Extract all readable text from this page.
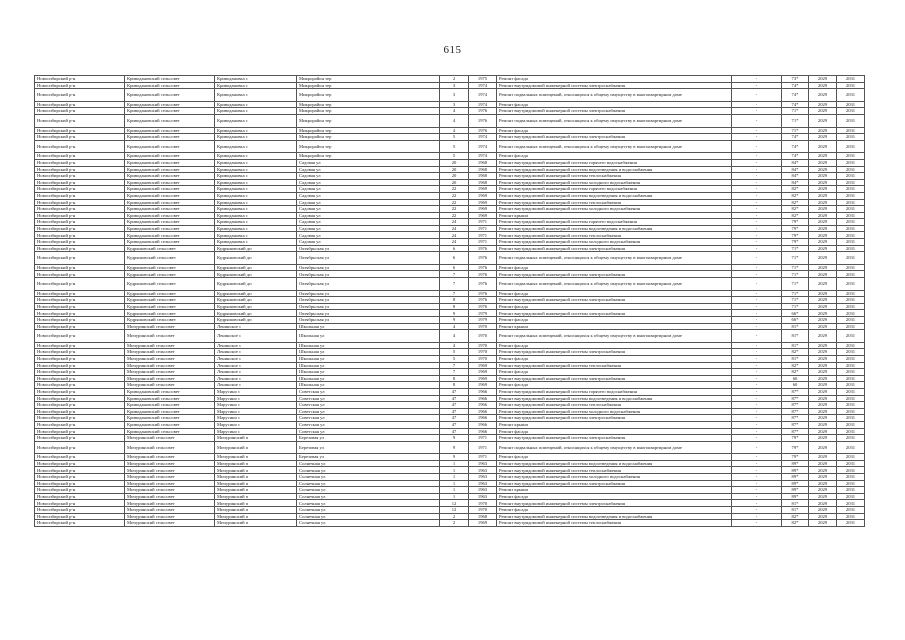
615
Новосибирский р-н	Криводановский сельсовет	Криводановка с	Микрорайон тер	2	1975	Ремонт фасада	-	73*	2029	2031
Новосибирский р-н	Криводановский сельсовет	Криводановка с	Микрорайон тер	3	1974	Ремонт внутридомовой инженерной системы электроснабжения	-	74*	2029	2031
Новосибирский р-н	Криводановский сельсовет	Криводановка с	Микрорайон тер	3	1974	Ремонт подвальных помещений, относящихся к общему имуществу в многоквартирном доме	-	74*	2029	2031
Новосибирский р-н	Криводановский сельсовет	Криводановка с	Микрорайон тер	3	1974	Ремонт фасада	-	74*	2029	2031
Новосибирский р-н	Криводановский сельсовет	Криводановка с	Микрорайон тер	4	1976	Ремонт внутридомовой инженерной системы электроснабжения	-	71*	2029	2031
Новосибирский р-н	Криводановский сельсовет	Криводановка с	Микрорайон тер	4	1976	Ремонт подвальных помещений, относящихся к общему имуществу в многоквартирном доме	-	71*	2029	2031
Новосибирский р-н	Криводановский сельсовет	Криводановка с	Микрорайон тер	4	1976	Ремонт фасада	-	71*	2029	2031
Новосибирский р-н	Криводановский сельсовет	Криводановка с	Микрорайон тер	5	1974	Ремонт внутридомовой инженерной системы электроснабжения	-	74*	2029	2031
Новосибирский р-н	Криводановский сельсовет	Криводановка с	Микрорайон тер	5	1974	Ремонт подвальных помещений, относящихся к общему имуществу в многоквартирном доме	-	74*	2029	2031
Новосибирский р-н	Криводановский сельсовет	Криводановка с	Микрорайон тер	5	1974	Ремонт фасада	-	74*	2029	2031
Новосибирский р-н	Криводановский сельсовет	Криводановка с	Садовая ул	20	1968	Ремонт внутридомовой инженерной системы горячего водоснабжения	-	84*	2029	2031
Новосибирский р-н	Криводановский сельсовет	Криводановка с	Садовая ул	20	1968	Ремонт внутридомовой инженерной системы водоотведения и водоснабжения	-	84*	2029	2031
Новосибирский р-н	Криводановский сельсовет	Криводановка с	Садовая ул	20	1968	Ремонт внутридомовой инженерной системы теплоснабжения	-	84*	2029	2031
Новосибирский р-н	Криводановский сельсовет	Криводановка с	Садовая ул	20	1968	Ремонт внутридомовой инженерной системы холодного водоснабжения	-	84*	2029	2031
Новосибирский р-н	Криводановский сельсовет	Криводановка с	Садовая ул	22	1969	Ремонт внутридомовой инженерной системы горячего водоснабжения	-	82*	2029	2031
Новосибирский р-н	Криводановский сельсовет	Криводановка с	Садовая ул	22	1969	Ремонт внутридомовой инженерной системы водоотведения и водоснабжения	-	82*	2029	2031
Новосибирский р-н	Криводановский сельсовет	Криводановка с	Садовая ул	22	1969	Ремонт внутридомовой инженерной системы теплоснабжения	-	82*	2029	2031
Новосибирский р-н	Криводановский сельсовет	Криводановка с	Садовая ул	22	1969	Ремонт внутридомовой инженерной системы холодного водоснабжения	-	82*	2029	2031
Новосибирский р-н	Криводановский сельсовет	Криводановка с	Садовая ул	22	1969	Ремонт крыши	-	82*	2029	2031
Новосибирский р-н	Криводановский сельсовет	Криводановка с	Садовая ул	24	1971	Ремонт внутридомовой инженерной системы горячего водоснабжения	-	79*	2029	2031
Новосибирский р-н	Криводановский сельсовет	Криводановка с	Садовая ул	24	1971	Ремонт внутридомовой инженерной системы водоотведения и водоснабжения	-	79*	2029	2031
Новосибирский р-н	Криводановский сельсовет	Криводановка с	Садовая ул	24	1971	Ремонт внутридомовой инженерной системы теплоснабжения	-	79*	2029	2031
Новосибирский р-н	Криводановский сельсовет	Криводановка с	Садовая ул	24	1971	Ремонт внутридомовой инженерной системы холодного водоснабжения	-	79*	2029	2031
Новосибирский р-н	Кудряшовский сельсовет	Кудряшовский дп	Октябрьская ул	6	1976	Ремонт внутридомовой инженерной системы электроснабжения	-	71*	2029	2031
Новосибирский р-н	Кудряшовский сельсовет	Кудряшовский дп	Октябрьская ул	6	1976	Ремонт подвальных помещений, относящихся к общему имуществу в многоквартирном доме	-	71*	2029	2031
Новосибирский р-н	Кудряшовский сельсовет	Кудряшовский дп	Октябрьская ул	6	1976	Ремонт фасада	-	71*	2029	2031
Новосибирский р-н	Кудряшовский сельсовет	Кудряшовский дп	Октябрьская ул	7	1976	Ремонт внутридомовой инженерной системы электроснабжения	-	71*	2029	2031
Новосибирский р-н	Кудряшовский сельсовет	Кудряшовский дп	Октябрьская ул	7	1976	Ремонт подвальных помещений, относящихся к общему имуществу в многоквартирном доме	-	71*	2029	2031
Новосибирский р-н	Кудряшовский сельсовет	Кудряшовский дп	Октябрьская ул	7	1976	Ремонт фасада	-	71*	2029	2031
Новосибирский р-н	Кудряшовский сельсовет	Кудряшовский дп	Октябрьская ул	8	1976	Ремонт внутридомовой инженерной системы электроснабжения	-	71*	2029	2031
Новосибирский р-н	Кудряшовский сельсовет	Кудряшовский дп	Октябрьская ул	8	1976	Ремонт фасада	-	71*	2029	2031
Новосибирский р-н	Кудряшовский сельсовет	Кудряшовский дп	Октябрьская ул	9	1979	Ремонт внутридомовой инженерной системы электроснабжения	-	66*	2029	2031
Новосибирский р-н	Кудряшовский сельсовет	Кудряшовский дп	Октябрьская ул	9	1979	Ремонт фасада	-	66*	2029	2031
Новосибирский р-н	Мичуринский сельсовет	Ленинское с	Школьная ул	4	1970	Ремонт крыши	-	81*	2029	2031
Новосибирский р-н	Мичуринский сельсовет	Ленинское с	Школьная ул	4	1970	Ремонт подвальных помещений, относящихся к общему имуществу в многоквартирном доме	-	81*	2029	2031
Новосибирский р-н	Мичуринский сельсовет	Ленинское с	Школьная ул	4	1970	Ремонт фасада	-	81*	2029	2031
Новосибирский р-н	Мичуринский сельсовет	Ленинское с	Школьная ул	5	1970	Ремонт внутридомовой инженерной системы электроснабжения	-	82*	2029	2031
Новосибирский р-н	Мичуринский сельсовет	Ленинское с	Школьная ул	5	1970	Ремонт фасада	-	81*	2029	2031
Новосибирский р-н	Мичуринский сельсовет	Ленинское с	Школьная ул	7	1969	Ремонт внутридомовой инженерной системы теплоснабжения	-	82*	2029	2031
Новосибирский р-н	Мичуринский сельсовет	Ленинское с	Школьная ул	7	1969	Ремонт фасада	-	82*	2029	2031
Новосибирский р-н	Мичуринский сельсовет	Ленинское с	Школьная ул	8	1969	Ремонт внутридомовой инженерной системы электроснабжения	-	60	2029	2031
Новосибирский р-н	Мичуринский сельсовет	Ленинское с	Школьная ул	8	1969	Ремонт фасада	-	60	2029	2031
Новосибирский р-н	Криводановский сельсовет	Марусино с	Советская ул	47	1966	Ремонт внутридомовой инженерной системы горячего водоснабжения	-	87*	2029	2031
Новосибирский р-н	Криводановский сельсовет	Марусино с	Советская ул	47	1966	Ремонт внутридомовой инженерной системы водоотведения и водоснабжения	-	87*	2029	2031
Новосибирский р-н	Криводановский сельсовет	Марусино с	Советская ул	47	1966	Ремонт внутридомовой инженерной системы теплоснабжения	-	87*	2029	2031
Новосибирский р-н	Криводановский сельсовет	Марусино с	Советская ул	47	1966	Ремонт внутридомовой инженерной системы холодного водоснабжения	-	87*	2029	2031
Новосибирский р-н	Криводановский сельсовет	Марусино с	Советская ул	47	1966	Ремонт внутридомовой инженерной системы электроснабжения	-	87*	2029	2031
Новосибирский р-н	Криводановский сельсовет	Марусино с	Советская ул	47	1966	Ремонт крыши	-	87*	2029	2031
Новосибирский р-н	Криводановский сельсовет	Марусино с	Советская ул	47	1966	Ремонт фасада	-	87*	2029	2031
Новосибирский р-н	Мичуринский сельсовет	Мичуринский п	Березовая ул	9	1971	Ремонт внутридомовой инженерной системы электроснабжения	-	79*	2029	2031
Новосибирский р-н	Мичуринский сельсовет	Мичуринский п	Березовая ул	9	1971	Ремонт подвальных помещений, относящихся к общему имуществу в многоквартирном доме	-	79*	2029	2031
Новосибирский р-н	Мичуринский сельсовет	Мичуринский п	Березовая ул	9	1971	Ремонт фасада	-	79*	2029	2031
Новосибирский р-н	Мичуринский сельсовет	Мичуринский п	Солнечная ул	1	1963	Ремонт внутридомовой инженерной системы водоотведения и водоснабжения	-	89*	2029	2031
Новосибирский р-н	Мичуринский сельсовет	Мичуринский п	Солнечная ул	1	1963	Ремонт внутридомовой инженерной системы теплоснабжения	-	89*	2029	2031
Новосибирский р-н	Мичуринский сельсовет	Мичуринский п	Солнечная ул	1	1963	Ремонт внутридомовой инженерной системы холодного водоснабжения	-	89*	2029	2031
Новосибирский р-н	Мичуринский сельсовет	Мичуринский п	Солнечная ул	1	1963	Ремонт внутридомовой инженерной системы электроснабжения	-	89*	2029	2031
Новосибирский р-н	Мичуринский сельсовет	Мичуринский п	Солнечная ул	1	1963	Ремонт крыши	-	89*	2029	2031
Новосибирский р-н	Мичуринский сельсовет	Мичуринский п	Солнечная ул	1	1963	Ремонт фасада	-	89*	2029	2031
Новосибирский р-н	Мичуринский сельсовет	Мичуринский п	Солнечная ул	12	1970	Ремонт внутридомовой инженерной системы электроснабжения	-	81*	2029	2031
Новосибирский р-н	Мичуринский сельсовет	Мичуринский п	Солнечная ул	12	1970	Ремонт фасада	-	81*	2029	2031
Новосибирский р-н	Мичуринский сельсовет	Мичуринский п	Солнечная ул	2	1968	Ремонт внутридомовой инженерной системы водоотведения и водоснабжения	-	82*	2029	2031
Новосибирский р-н	Мичуринский сельсовет	Мичуринский п	Солнечная ул	2	1969	Ремонт внутридомовой инженерной системы теплоснабжения	-	82*	2029	2031
